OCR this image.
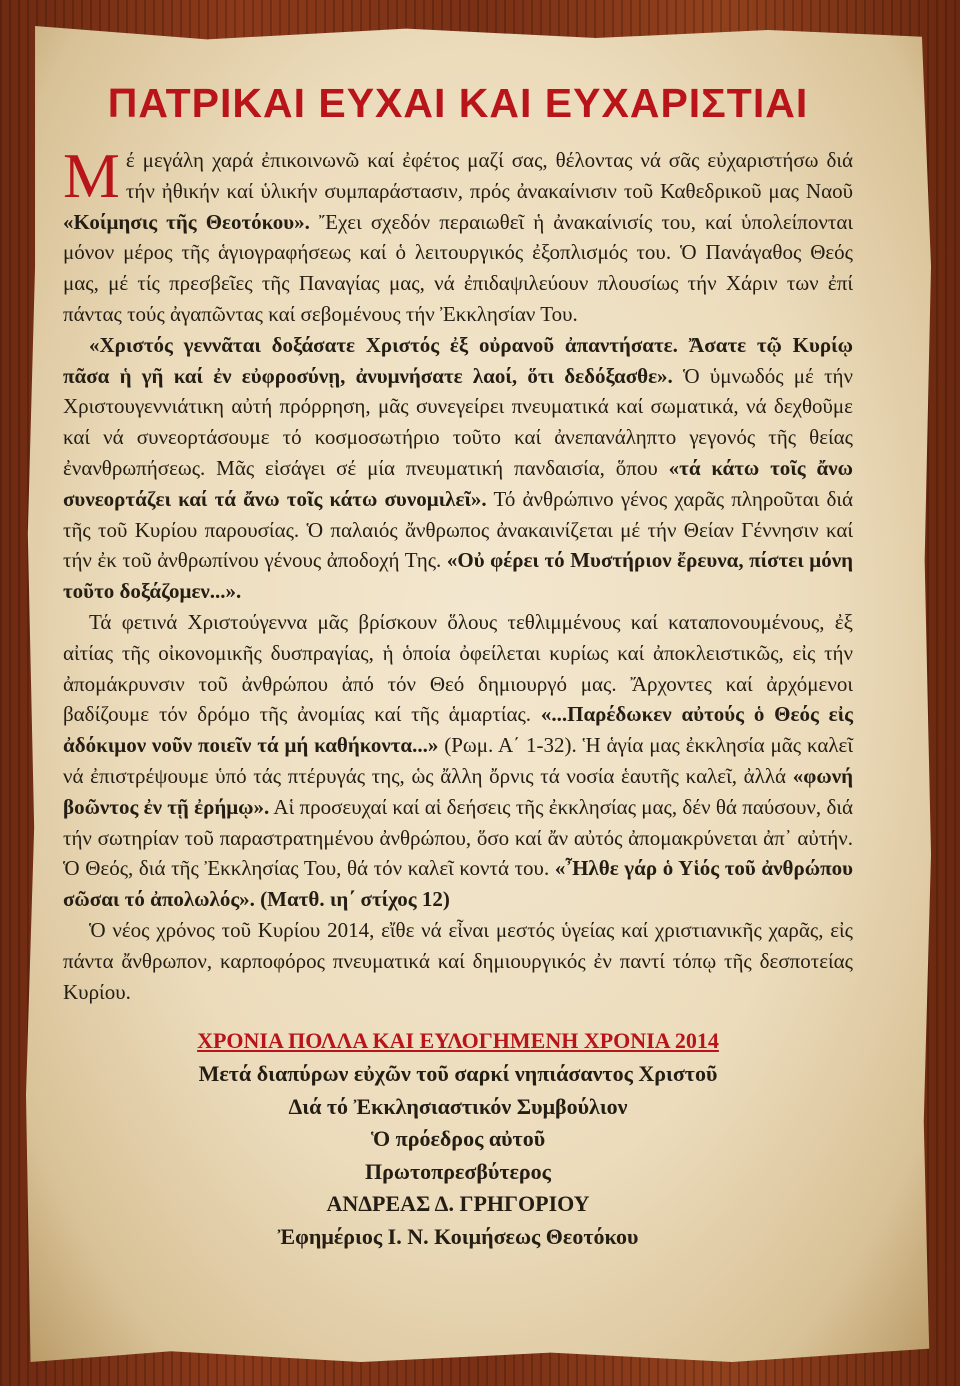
ΠΑΤΡΙΚΑΙ ΕΥΧΑΙ ΚΑΙ ΕΥΧΑΡΙΣΤΙΑΙ

Μέ μεγάλη χαρά ἐπικοινωνῶ καί ἐφέτος μαζί σας, θέλοντας νά σᾶς εὐχαριστήσω διά τήν ἠθικήν καί ὑλικήν συμπαράστασιν, πρός ἀνακαίνισιν τοῦ Καθεδρικοῦ μας Ναοῦ «Κοίμησις τῆς Θεοτόκου». Ἔχει σχεδόν περαιωθεῖ ἡ ἀνακαίνισίς του, καί ὑπολείπονται μόνον μέρος τῆς ἁγιογραφήσεως καί ὁ λειτουργικός ἐξοπλισμός του. Ὁ Πανάγαθος Θεός μας, μέ τίς πρεσβεῖες τῆς Παναγίας μας, νά ἐπιδαψιλεύουν πλουσίως τήν Χάριν των ἐπί πάντας τούς ἀγαπῶντας καί σεβομένους τήν Ἐκκλησίαν Του.

«Χριστός γεννᾶται δοξάσατε Χριστός ἐξ οὐρανοῦ ἀπαντήσατε. Ἄσατε τῷ Κυρίῳ πᾶσα ἡ γῆ καί ἐν εὐφροσύνῃ, ἀνυμνήσατε λαοί, ὅτι δεδόξασθε». Ὁ ὑμνωδός μέ τήν Χριστουγεννιάτικη αὐτή πρόρρηση, μᾶς συνεγείρει πνευματικά καί σωματικά, νά δεχθοῦμε καί νά συνεορτάσουμε τό κοσμοσωτήριο τοῦτο καί ἀνεπανάληπτο γεγονός τῆς θείας ἐνανθρωπήσεως. Μᾶς εἰσάγει σέ μία πνευματική πανδαισία, ὅπου «τά κάτω τοῖς ἄνω συνεορτάζει καί τά ἄνω τοῖς κάτω συνομιλεῖ». Τό ἀνθρώπινο γένος χαρᾶς πληροῦται διά τῆς τοῦ Κυρίου παρουσίας. Ὁ παλαιός ἄνθρωπος ἀνακαινίζεται μέ τήν Θείαν Γέννησιν καί τήν ἐκ τοῦ ἀνθρωπίνου γένους ἀποδοχή Της. «Οὐ φέρει τό Μυστήριον ἔρευνα, πίστει μόνη τοῦτο δοξάζομεν...».

Τά φετινά Χριστούγεννα μᾶς βρίσκουν ὅλους τεθλιμμένους καί καταπονουμένους, ἐξ αἰτίας τῆς οἰκονομικῆς δυσπραγίας, ἡ ὁποία ὀφείλεται κυρίως καί ἀποκλειστικῶς, εἰς τήν ἀπομάκρυνσιν τοῦ ἀνθρώπου ἀπό τόν Θεό δημιουργό μας. Ἄρχοντες καί ἀρχόμενοι βαδίζουμε τόν δρόμο τῆς ἀνομίας καί τῆς ἁμαρτίας. «...Παρέδωκεν αὐτούς ὁ Θεός εἰς ἀδόκιμον νοῦν ποιεῖν τά μή καθήκοντα...» (Ρωμ. Α΄ 1-32). Ἡ ἁγία μας ἐκκλησία μᾶς καλεῖ νά ἐπιστρέψουμε ὑπό τάς πτέρυγάς της, ὡς ἄλλη ὄρνις τά νοσία ἑαυτῆς καλεῖ, ἀλλά «φωνή βοῶντος ἐν τῇ ἐρήμῳ». Αἱ προσευχαί καί αἱ δεήσεις τῆς ἐκκλησίας μας, δέν θά παύσουν, διά τήν σωτηρίαν τοῦ παραστρατημένου ἀνθρώπου, ὅσο καί ἄν αὐτός ἀπομακρύνεται ἀπ᾽ αὐτήν. Ὁ Θεός, διά τῆς Ἐκκλησίας Του, θά τόν καλεῖ κοντά του. «Ἦλθε γάρ ὁ Υἱός τοῦ ἀνθρώπου σῶσαι τό ἀπολωλός». (Ματθ. ιη΄ στίχος 12)

Ὁ νέος χρόνος τοῦ Κυρίου 2014, εἴθε νά εἶναι μεστός ὑγείας καί χριστιανικῆς χαρᾶς, εἰς πάντα ἄνθρωπον, καρποφόρος πνευματικά καί δημιουργικός ἐν παντί τόπῳ τῆς δεσποτείας Κυρίου.

ΧΡΟΝΙΑ ΠΟΛΛΑ ΚΑΙ ΕΥΛΟΓΗΜΕΝΗ ΧΡΟΝΙΑ 2014
Μετά διαπύρων εὐχῶν τοῦ σαρκί νηπιάσαντος Χριστοῦ
Διά τό Ἐκκλησιαστικόν Συμβούλιον
Ὁ πρόεδρος αὐτοῦ
Πρωτοπρεσβύτερος
ΑΝΔΡΕΑΣ Δ. ΓΡΗΓΟΡΙΟΥ
Ἐφημέριος Ι. Ν. Κοιμήσεως Θεοτόκου
